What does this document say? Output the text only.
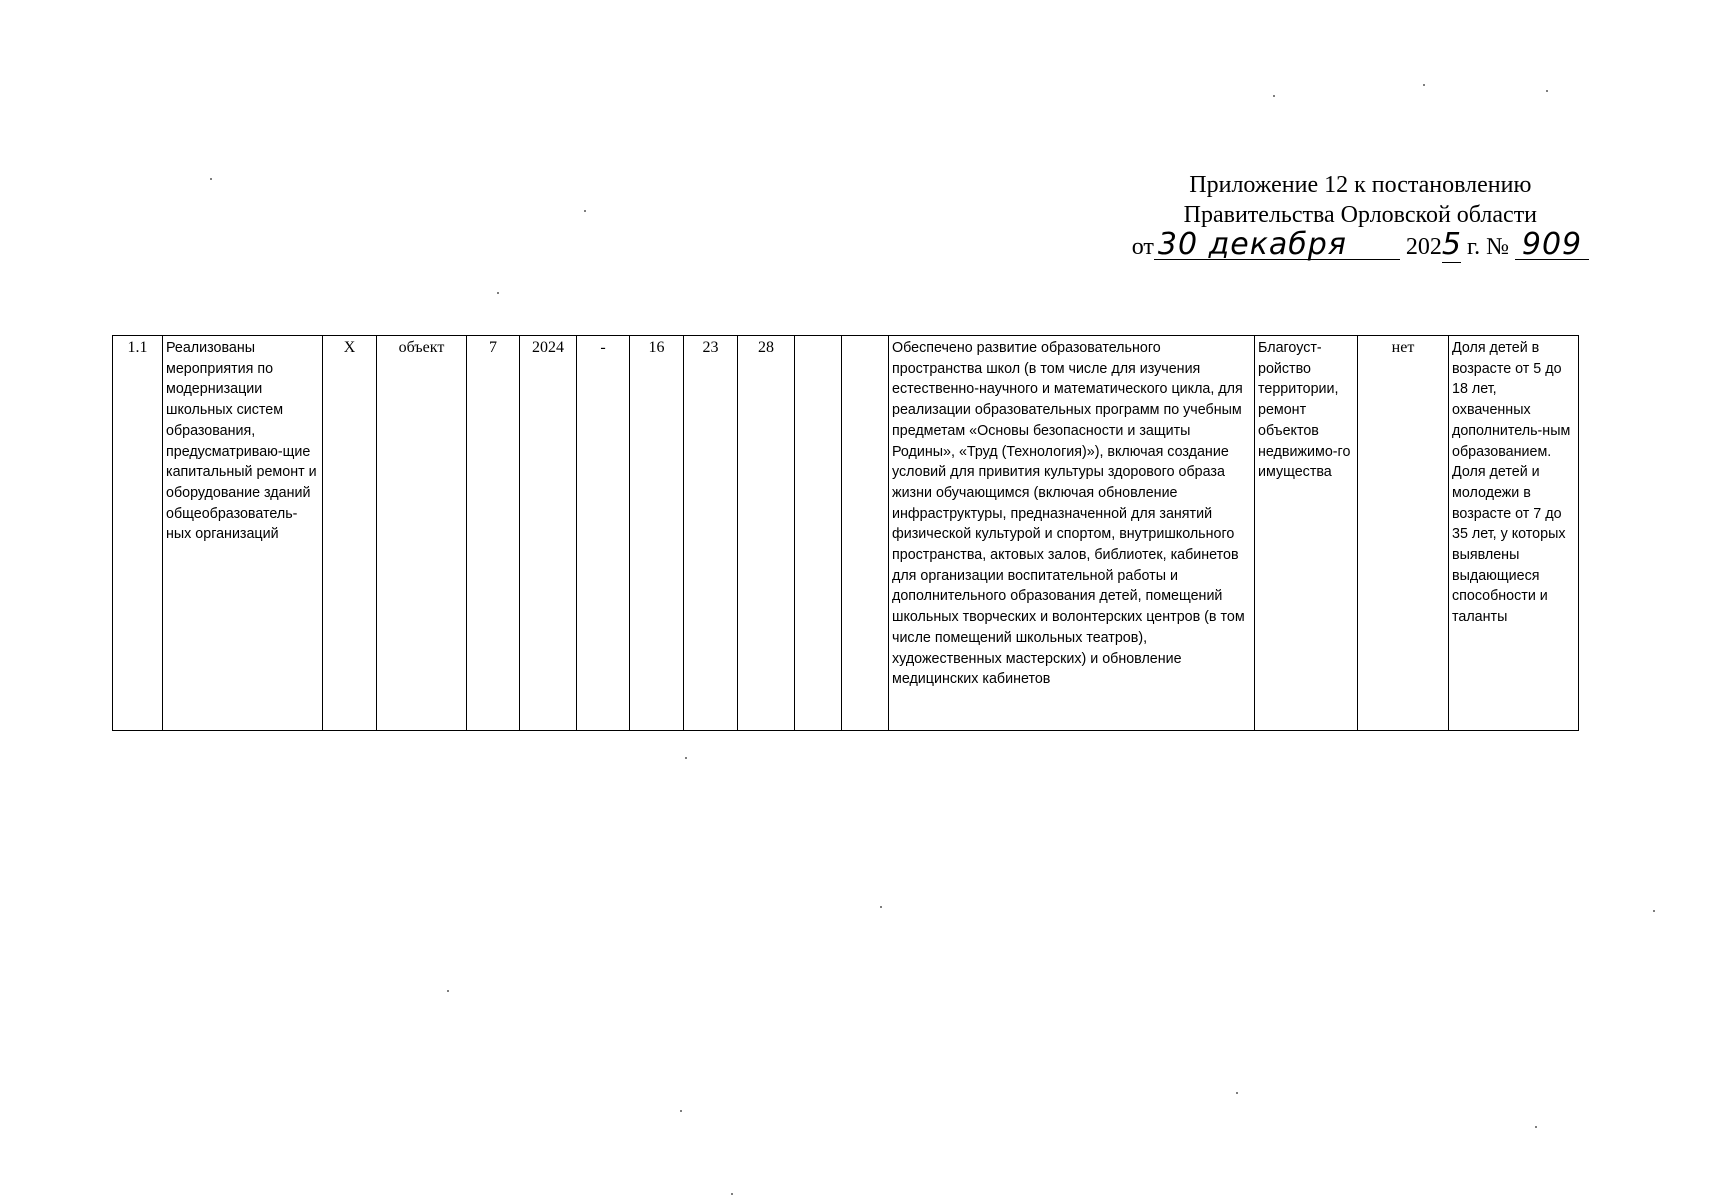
Приложение 12 к постановлению
Правительства Орловской области
от 30 декабря 2025 г. № 909
1.1	Реализованы мероприятия по модернизации школьных систем образования, предусматриваю-щие капитальный ремонт и оборудование зданий общеобразователь-ных организаций	X	объект	7	2024	-	16	23	28			Обеспечено развитие образовательного пространства школ (в том числе для изучения естественно-научного и математического цикла, для реализации образовательных программ по учебным предметам «Основы безопасности и защиты Родины», «Труд (Технология)»), включая создание условий для привития культуры здорового образа жизни обучающимся (включая обновление инфраструктуры, предназначенной для занятий физической культурой и спортом, внутришкольного пространства, актовых залов, библиотек, кабинетов для организации воспитательной работы и дополнительного образования детей, помещений школьных творческих и волонтерских центров (в том числе помещений школьных театров), художественных мастерских) и обновление медицинских кабинетов	Благоуст-ройство территории, ремонт объектов недвижимо-го имущества	нет	Доля детей в возрасте от 5 до 18 лет, охваченных дополнитель-ным образованием. Доля детей и молодежи в возрасте от 7 до 35 лет, у которых выявлены выдающиеся способности и таланты
